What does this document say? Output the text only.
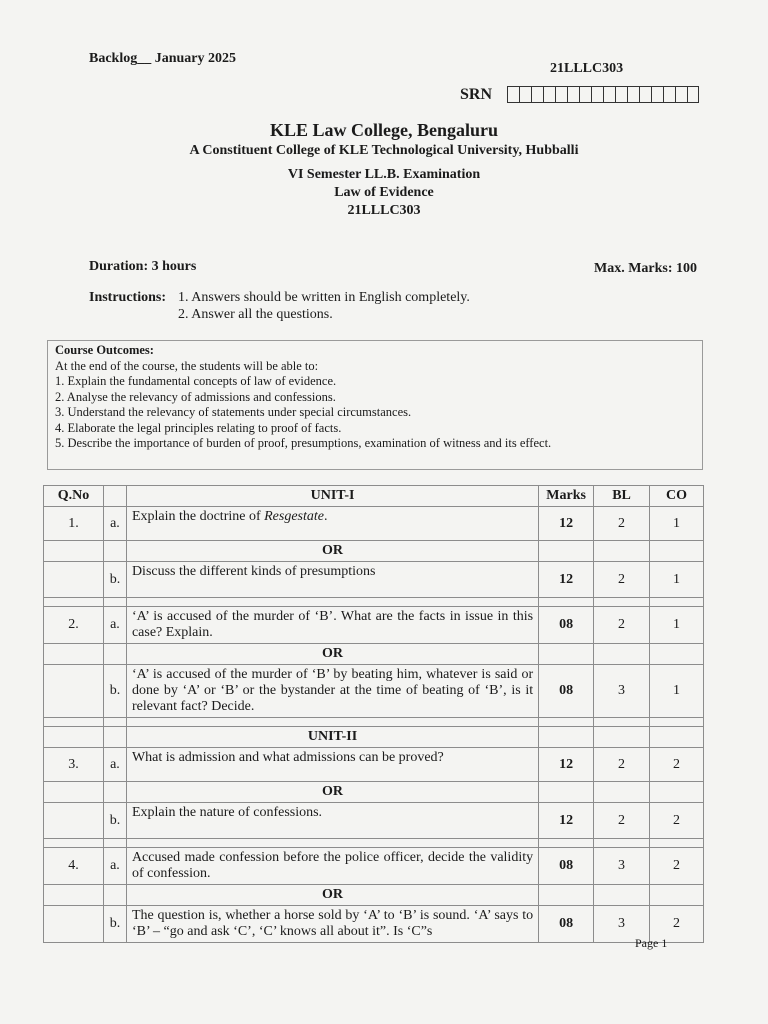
Backlog__ January 2025
21LLLC303
SRN
KLE Law College, Bengaluru
A Constituent College of KLE Technological University, Hubballi
VI Semester LL.B. Examination
Law of Evidence
21LLLC303
Duration: 3 hours	Max. Marks: 100
Instructions: 1. Answers should be written in English completely.
2. Answer all the questions.
Course Outcomes:
At the end of the course, the students will be able to:
1. Explain the fundamental concepts of law of evidence.
2. Analyse the relevancy of admissions and confessions.
3. Understand the relevancy of statements under special circumstances.
4. Elaborate the legal principles relating to proof of facts.
5. Describe the importance of burden of proof, presumptions, examination of witness and its effect.
Q.No		UNIT-I	Marks	BL	CO
1.	a.	Explain the doctrine of Resgestate.	12	2	1
		OR			
	b.	Discuss the different kinds of presumptions	12	2	1

2.	a.	‘A’ is accused of the murder of ‘B’. What are the facts in issue in this case? Explain.	08	2	1
		OR			
	b.	‘A’ is accused of the murder of ‘B’ by beating him, whatever is said or done by ‘A’ or ‘B’ or the bystander at the time of beating of ‘B’, is it relevant fact? Decide.	08	3	1

		UNIT-II			
3.	a.	What is admission and what admissions can be proved?	12	2	2
		OR			
	b.	Explain the nature of confessions.	12	2	2

4.	a.	Accused made confession before the police officer, decide the validity of confession.	08	3	2
		OR			
	b.	The question is, whether a horse sold by ‘A’ to ‘B’ is sound. ‘A’ says to ‘B’ – “go and ask ‘C’, ‘C’ knows all about it”. Is ‘C”s	08	3	2
Page 1
